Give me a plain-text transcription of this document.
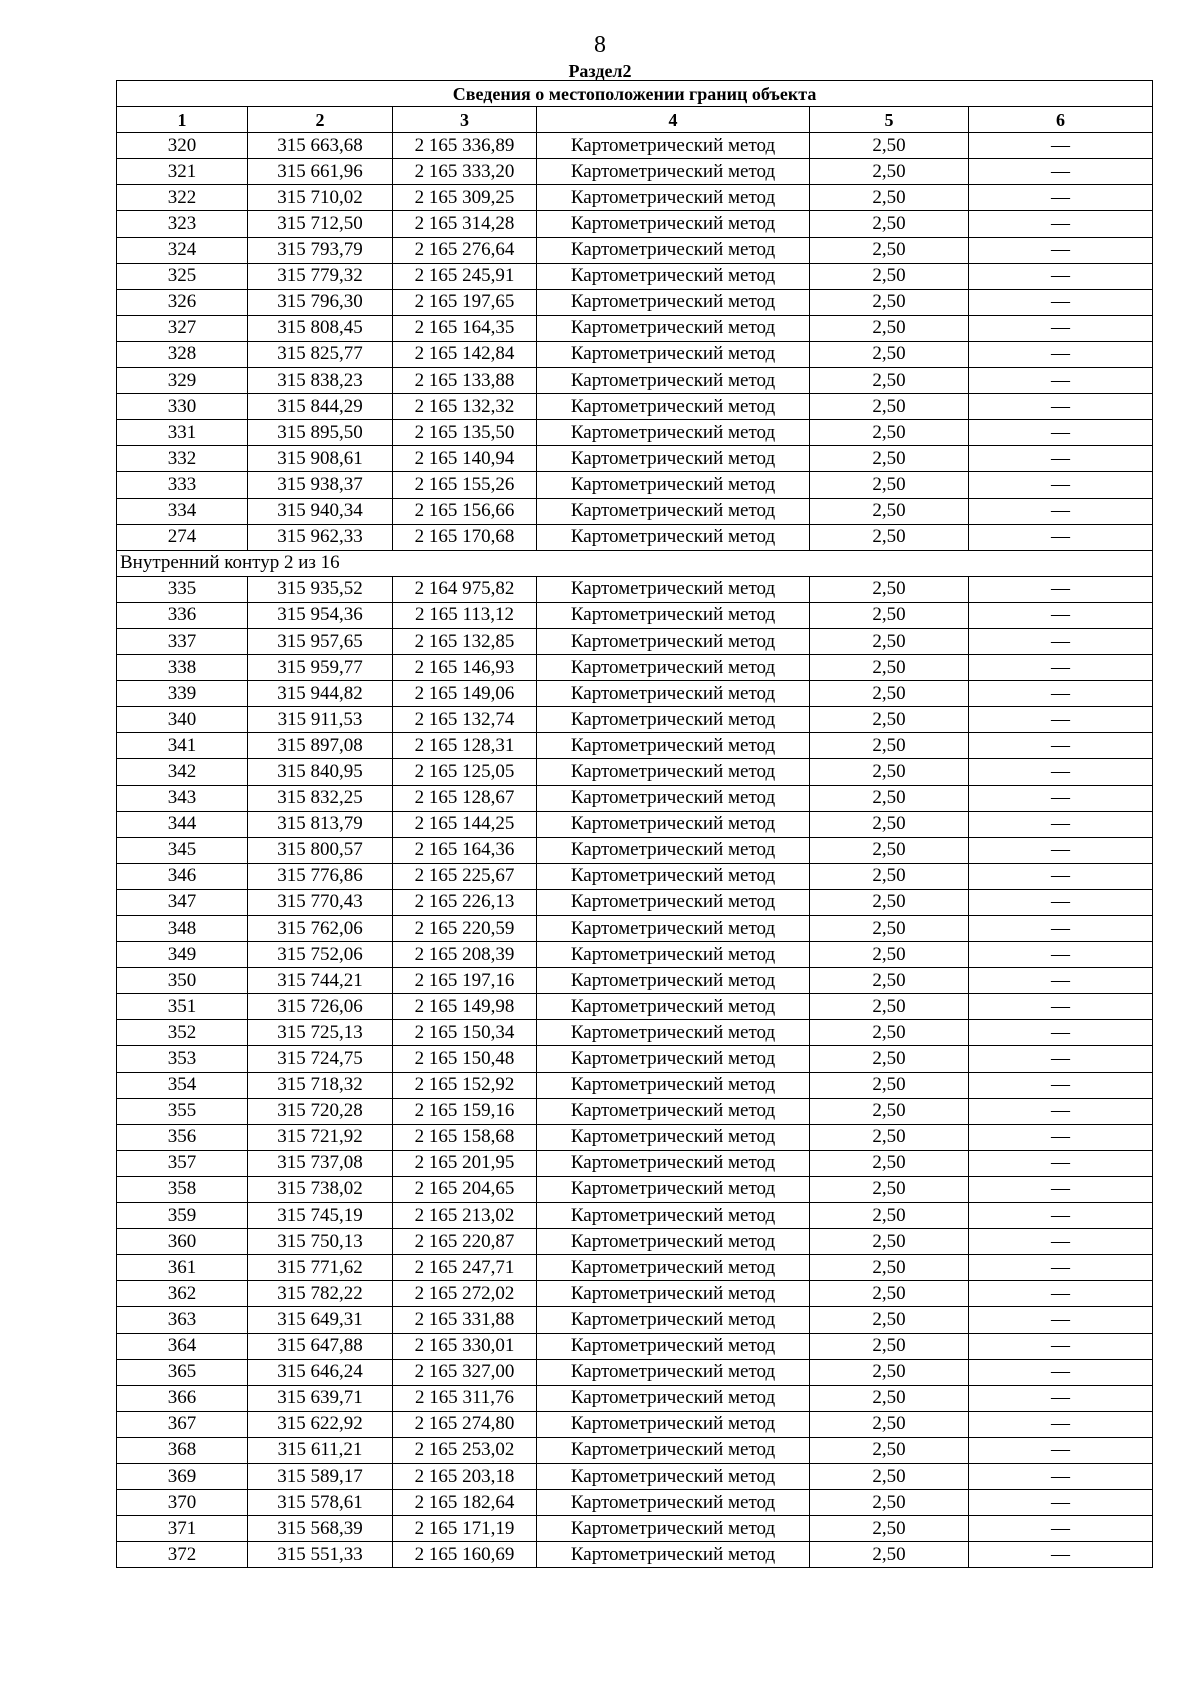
8
Раздел2
Сведения о местоположении границ объекта					
1	2	3	4	5	6
320	315 663,68	2 165 336,89	Картометрический метод	2,50	—
321	315 661,96	2 165 333,20	Картометрический метод	2,50	—
322	315 710,02	2 165 309,25	Картометрический метод	2,50	—
323	315 712,50	2 165 314,28	Картометрический метод	2,50	—
324	315 793,79	2 165 276,64	Картометрический метод	2,50	—
325	315 779,32	2 165 245,91	Картометрический метод	2,50	—
326	315 796,30	2 165 197,65	Картометрический метод	2,50	—
327	315 808,45	2 165 164,35	Картометрический метод	2,50	—
328	315 825,77	2 165 142,84	Картометрический метод	2,50	—
329	315 838,23	2 165 133,88	Картометрический метод	2,50	—
330	315 844,29	2 165 132,32	Картометрический метод	2,50	—
331	315 895,50	2 165 135,50	Картометрический метод	2,50	—
332	315 908,61	2 165 140,94	Картометрический метод	2,50	—
333	315 938,37	2 165 155,26	Картометрический метод	2,50	—
334	315 940,34	2 165 156,66	Картометрический метод	2,50	—
274	315 962,33	2 165 170,68	Картометрический метод	2,50	—
Внутренний контур 2 из 16					
335	315 935,52	2 164 975,82	Картометрический метод	2,50	—
336	315 954,36	2 165 113,12	Картометрический метод	2,50	—
337	315 957,65	2 165 132,85	Картометрический метод	2,50	—
338	315 959,77	2 165 146,93	Картометрический метод	2,50	—
339	315 944,82	2 165 149,06	Картометрический метод	2,50	—
340	315 911,53	2 165 132,74	Картометрический метод	2,50	—
341	315 897,08	2 165 128,31	Картометрический метод	2,50	—
342	315 840,95	2 165 125,05	Картометрический метод	2,50	—
343	315 832,25	2 165 128,67	Картометрический метод	2,50	—
344	315 813,79	2 165 144,25	Картометрический метод	2,50	—
345	315 800,57	2 165 164,36	Картометрический метод	2,50	—
346	315 776,86	2 165 225,67	Картометрический метод	2,50	—
347	315 770,43	2 165 226,13	Картометрический метод	2,50	—
348	315 762,06	2 165 220,59	Картометрический метод	2,50	—
349	315 752,06	2 165 208,39	Картометрический метод	2,50	—
350	315 744,21	2 165 197,16	Картометрический метод	2,50	—
351	315 726,06	2 165 149,98	Картометрический метод	2,50	—
352	315 725,13	2 165 150,34	Картометрический метод	2,50	—
353	315 724,75	2 165 150,48	Картометрический метод	2,50	—
354	315 718,32	2 165 152,92	Картометрический метод	2,50	—
355	315 720,28	2 165 159,16	Картометрический метод	2,50	—
356	315 721,92	2 165 158,68	Картометрический метод	2,50	—
357	315 737,08	2 165 201,95	Картометрический метод	2,50	—
358	315 738,02	2 165 204,65	Картометрический метод	2,50	—
359	315 745,19	2 165 213,02	Картометрический метод	2,50	—
360	315 750,13	2 165 220,87	Картометрический метод	2,50	—
361	315 771,62	2 165 247,71	Картометрический метод	2,50	—
362	315 782,22	2 165 272,02	Картометрический метод	2,50	—
363	315 649,31	2 165 331,88	Картометрический метод	2,50	—
364	315 647,88	2 165 330,01	Картометрический метод	2,50	—
365	315 646,24	2 165 327,00	Картометрический метод	2,50	—
366	315 639,71	2 165 311,76	Картометрический метод	2,50	—
367	315 622,92	2 165 274,80	Картометрический метод	2,50	—
368	315 611,21	2 165 253,02	Картометрический метод	2,50	—
369	315 589,17	2 165 203,18	Картометрический метод	2,50	—
370	315 578,61	2 165 182,64	Картометрический метод	2,50	—
371	315 568,39	2 165 171,19	Картометрический метод	2,50	—
372	315 551,33	2 165 160,69	Картометрический метод	2,50	—
